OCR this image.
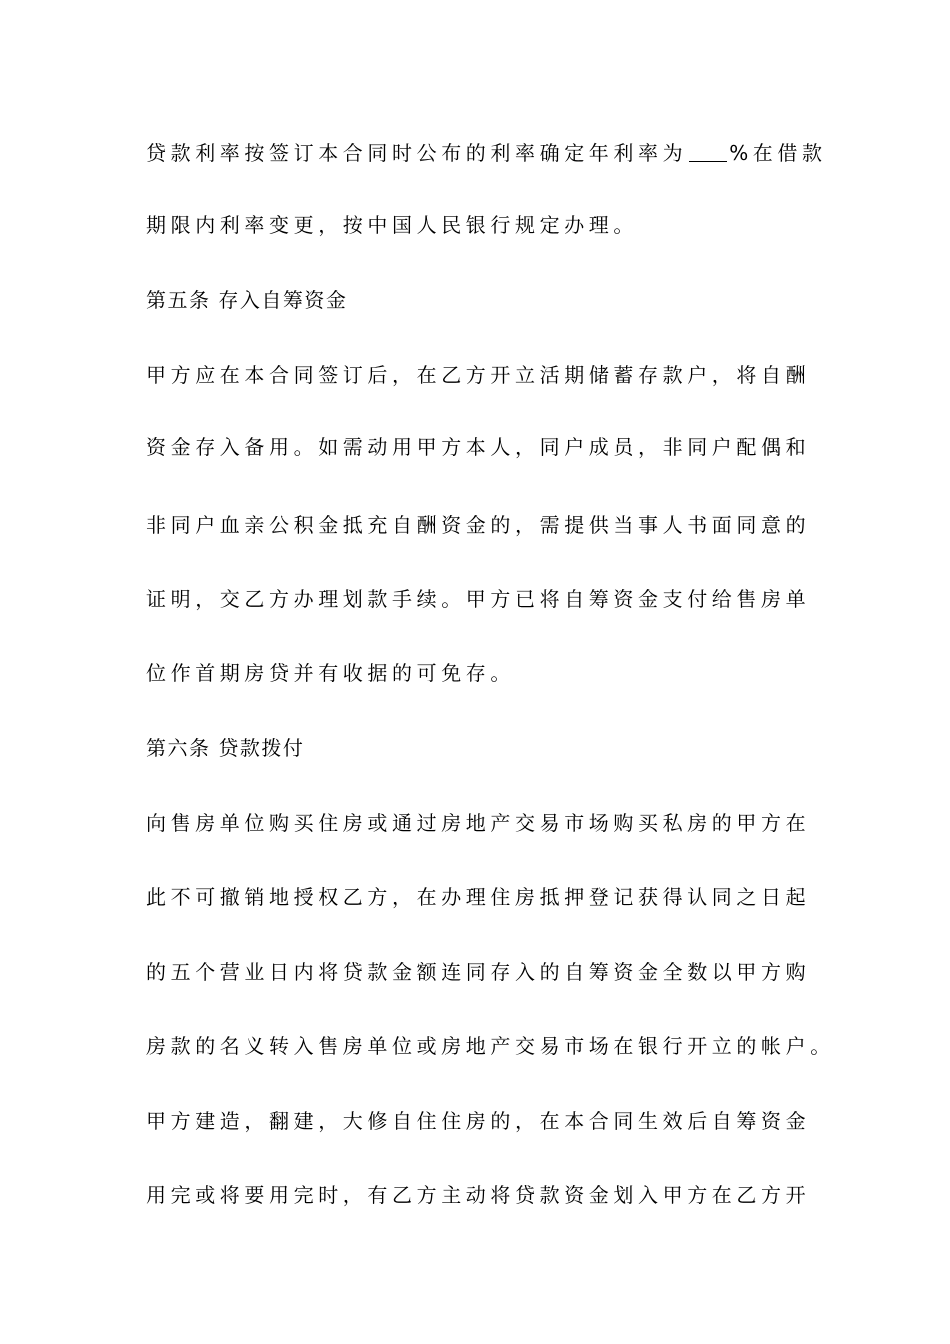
贷款利率按签订本合同时公布的利率确定年利率为 %在借款
期限内利率变更，按中国人民银行规定办理。
第五条 存入自筹资金
甲方应在本合同签订后，在乙方开立活期储蓄存款户，将自酬
资金存入备用。如需动用甲方本人，同户成员，非同户配偶和
非同户血亲公积金抵充自酬资金的，需提供当事人书面同意的
证明，交乙方办理划款手续。甲方已将自筹资金支付给售房单
位作首期房贷并有收据的可免存。
第六条 贷款拨付
向售房单位购买住房或通过房地产交易市场购买私房的甲方在
此不可撤销地授权乙方，在办理住房抵押登记获得认同之日起
的五个营业日内将贷款金额连同存入的自筹资金全数以甲方购
房款的名义转入售房单位或房地产交易市场在银行开立的帐户。
甲方建造，翻建，大修自住住房的，在本合同生效后自筹资金
用完或将要用完时，有乙方主动将贷款资金划入甲方在乙方开
